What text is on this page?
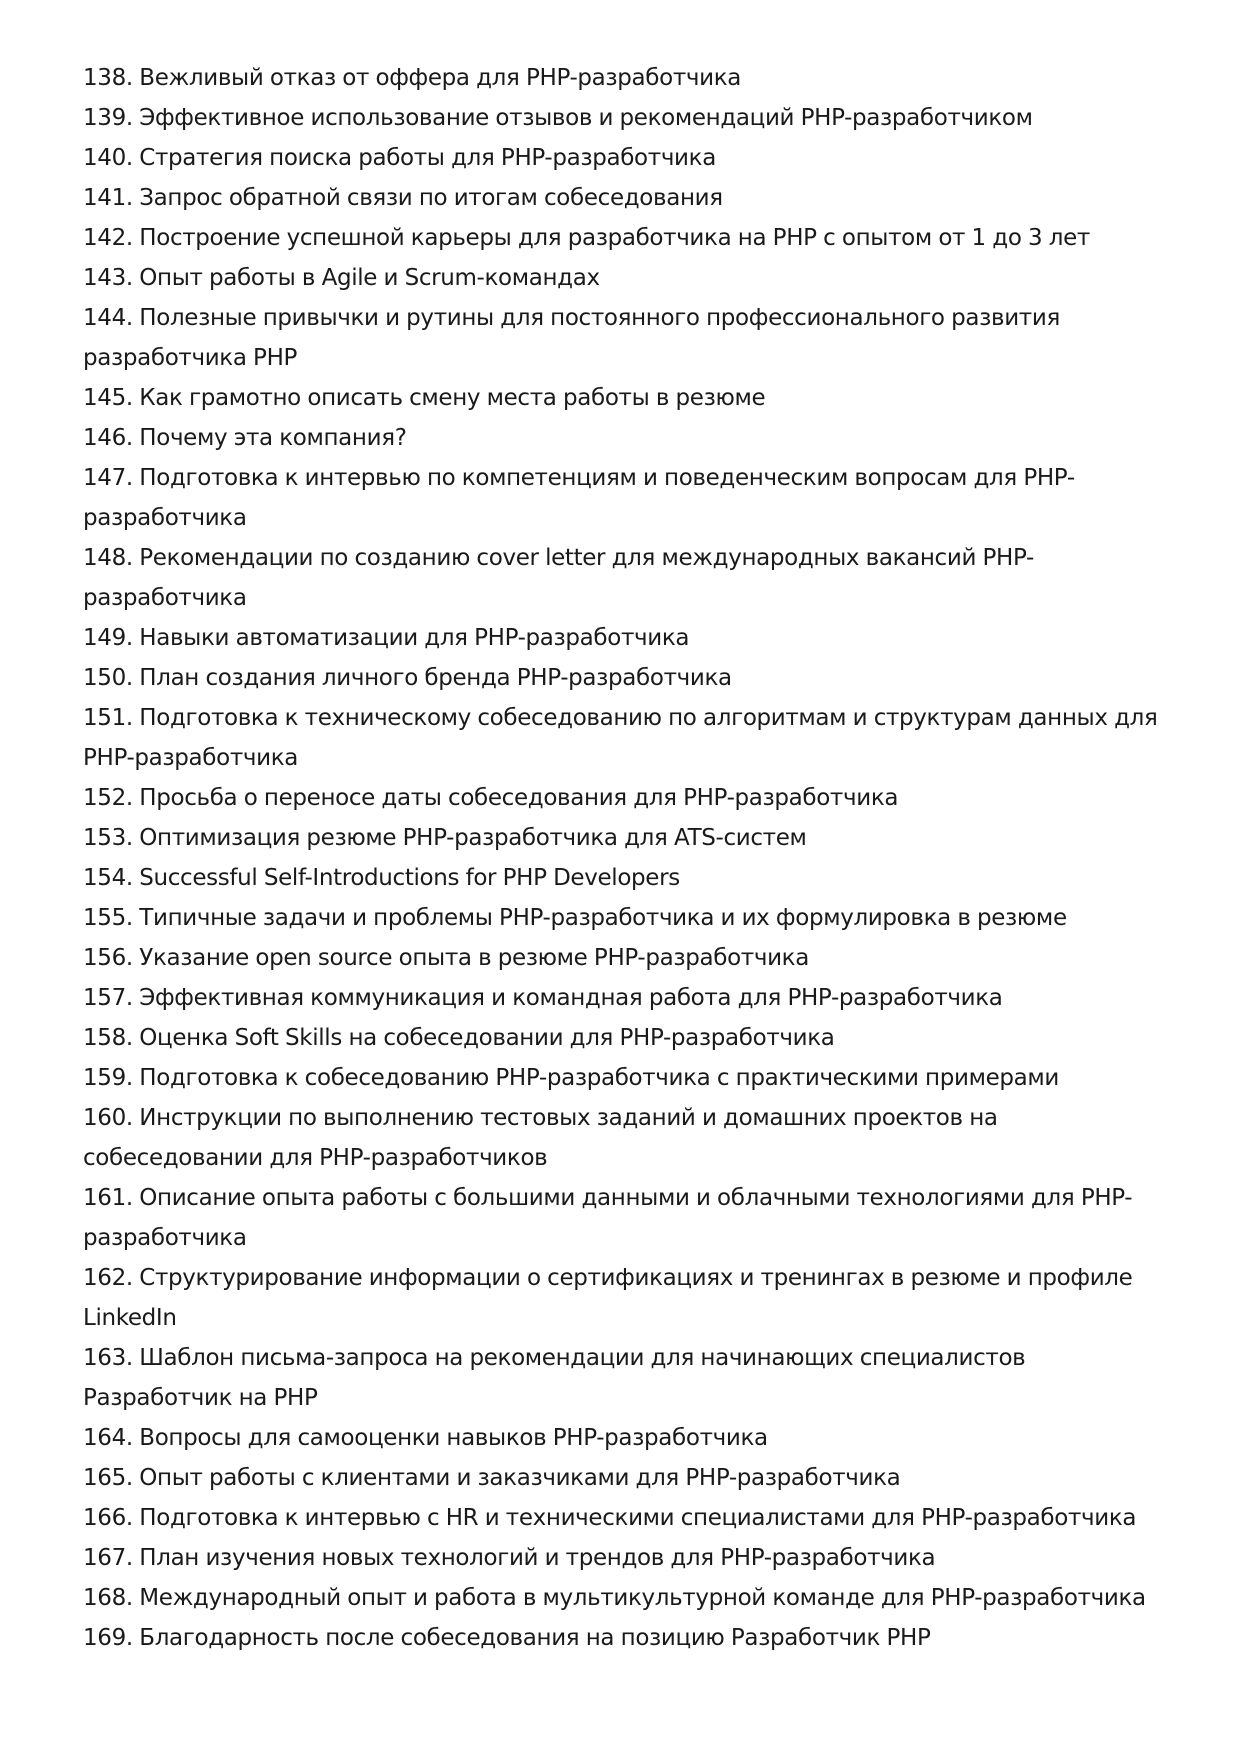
138. Вежливый отказ от оффера для PHP-разработчика

139. Эффективное использование отзывов и рекомендаций PHP-разработчиком

140. Стратегия поиска работы для PHP-разработчика

141. Запрос обратной связи по итогам собеседования

142. Построение успешной карьеры для разработчика на PHP с опытом от 1 до 3 лет

143. Опыт работы в Agile и Scrum-командах

144. Полезные привычки и рутины для постоянного профессионального развития разработчика PHP

145. Как грамотно описать смену места работы в резюме

146. Почему эта компания?

147. Подготовка к интервью по компетенциям и поведенческим вопросам для PHP-разработчика

148. Рекомендации по созданию cover letter для международных вакансий PHP-разработчика

149. Навыки автоматизации для PHP-разработчика

150. План создания личного бренда PHP-разработчика

151. Подготовка к техническому собеседованию по алгоритмам и структурам данных для PHP-разработчика

152. Просьба о переносе даты собеседования для PHP-разработчика

153. Оптимизация резюме PHP-разработчика для ATS-систем

154. Successful Self-Introductions for PHP Developers

155. Типичные задачи и проблемы PHP-разработчика и их формулировка в резюме

156. Указание open source опыта в резюме PHP-разработчика

157. Эффективная коммуникация и командная работа для PHP-разработчика

158. Оценка Soft Skills на собеседовании для PHP-разработчика

159. Подготовка к собеседованию PHP-разработчика с практическими примерами

160. Инструкции по выполнению тестовых заданий и домашних проектов на собеседовании для PHP-разработчиков

161. Описание опыта работы с большими данными и облачными технологиями для PHP-разработчика

162. Структурирование информации о сертификациях и тренингах в резюме и профиле LinkedIn

163. Шаблон письма-запроса на рекомендации для начинающих специалистов Разработчик на PHP

164. Вопросы для самооценки навыков PHP-разработчика

165. Опыт работы с клиентами и заказчиками для PHP-разработчика

166. Подготовка к интервью с HR и техническими специалистами для PHP-разработчика

167. План изучения новых технологий и трендов для PHP-разработчика

168. Международный опыт и работа в мультикультурной команде для PHP-разработчика

169. Благодарность после собеседования на позицию Разработчик PHP
